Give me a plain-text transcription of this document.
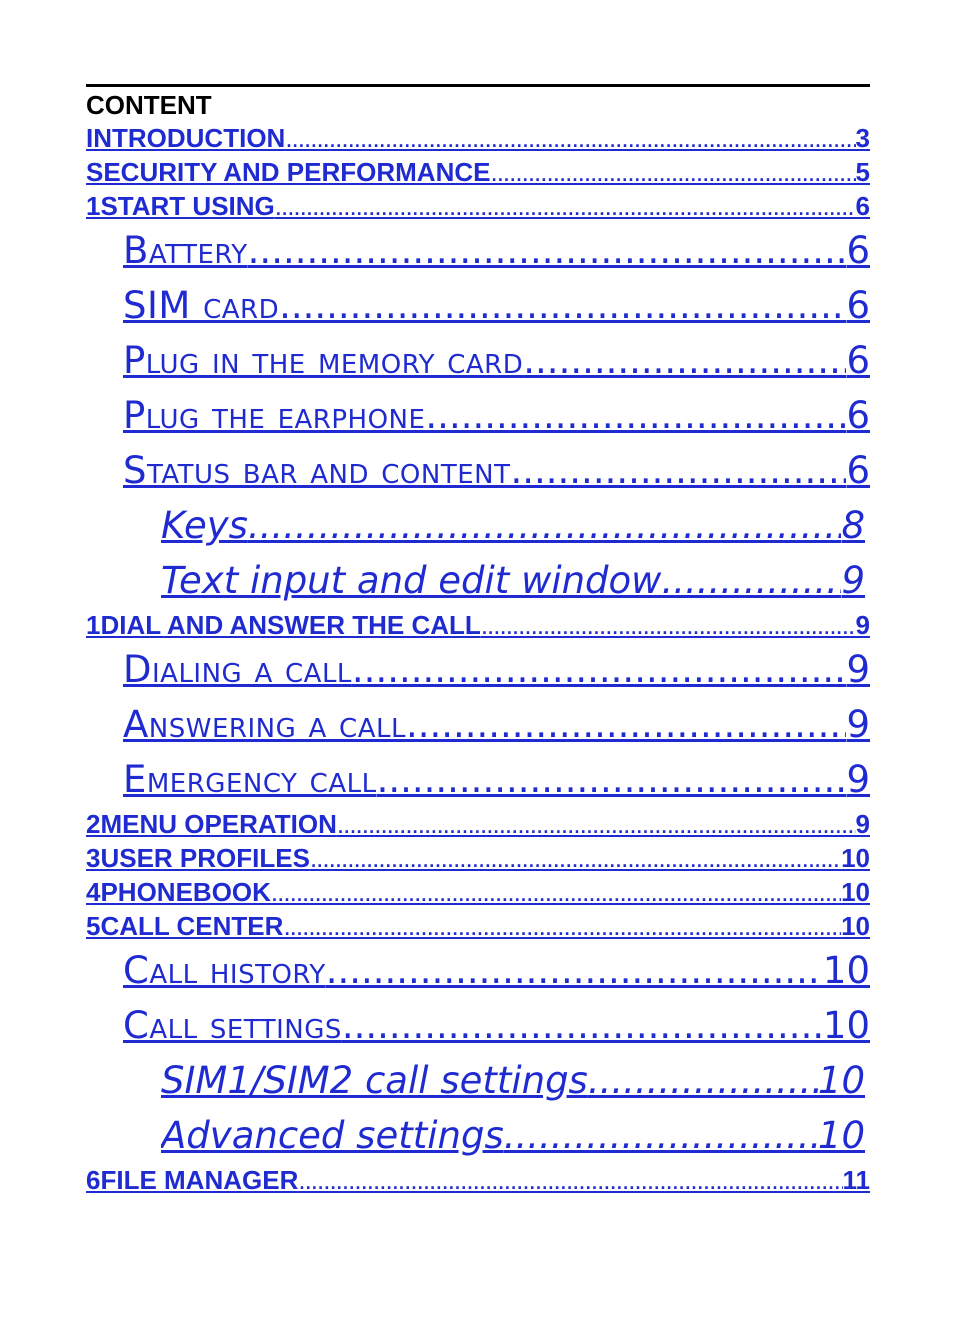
CONTENT
INTRODUCTION .....	3
SECURITY AND PERFORMANCE .....	5
1START USING .....	6
Battery .....	6
SIM card .....	6
Plug in the memory card .....	6
Plug the earphone .....	6
Status bar and content .....	6
Keys .....	8
Text input and edit window .....	9
1DIAL AND ANSWER THE CALL .....	9
Dialing a call .....	9
Answering a call .....	9
Emergency call .....	9
2MENU OPERATION .....	9
3USER PROFILES .....	10
4PHONEBOOK .....	10
5CALL CENTER .....	10
Call history .....	10
Call settings .....	10
SIM1/SIM2 call settings .....	10
Advanced settings .....	10
6FILE MANAGER .....	11
